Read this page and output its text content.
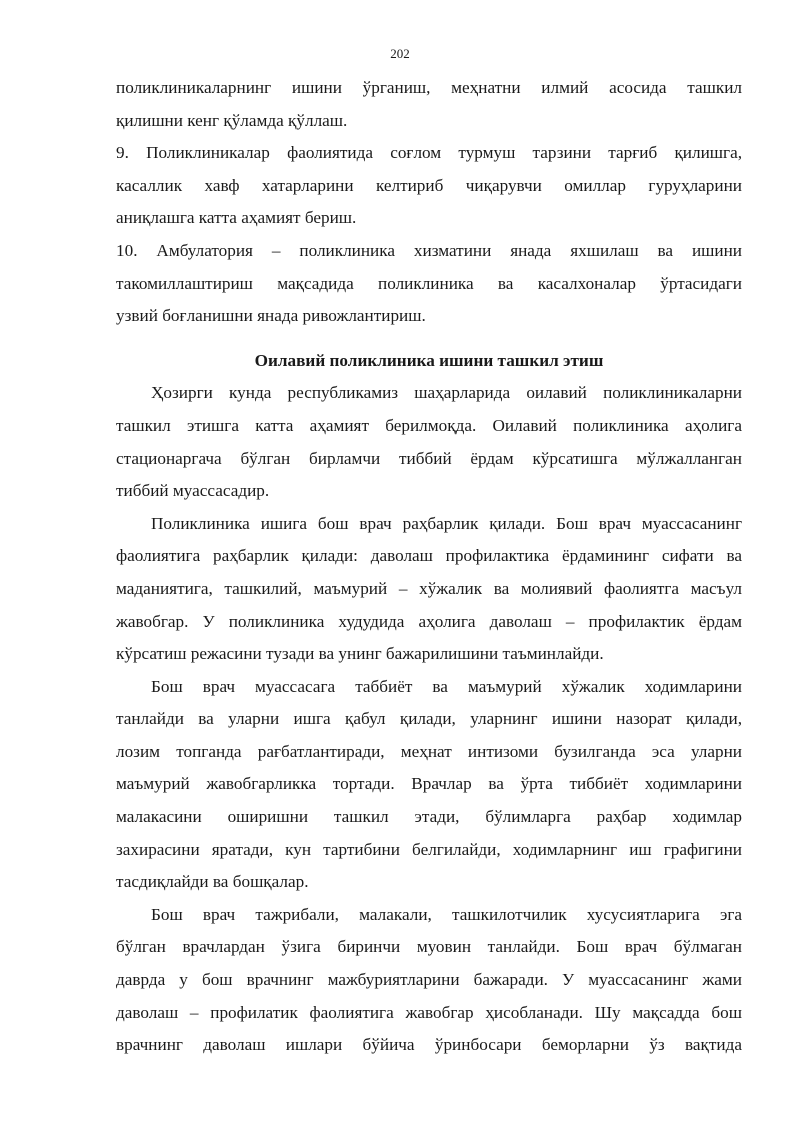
202
поликлиникаларнинг ишини ўрганиш, меҳнатни илмий асосида ташкил
қилишни кенг қўламда қўллаш.
9. Поликлиникалар фаолиятида соғлом турмуш тарзини тарғиб қилишга,
касаллик хавф хатарларини келтириб чиқарувчи омиллар гуруҳларини
аниқлашга катта аҳамият бериш.
10. Амбулатория – поликлиника хизматини янада яхшилаш ва ишини
такомиллаштириш мақсадида поликлиника ва касалхоналар ўртасидаги
узвий боғланишни янада ривожлантириш.
Оилавий поликлиника ишини ташкил этиш
Ҳозирги кунда республикамиз шаҳарларида оилавий поликлиникаларни
ташкил этишга катта аҳамият берилмоқда. Оилавий поликлиника аҳолига
стационаргача бўлган бирламчи тиббий ёрдам кўрсатишга мўлжалланган
тиббий муассасадир.
Поликлиника ишига бош врач раҳбарлик қилади. Бош врач муассасанинг
фаолиятига раҳбарлик қилади: даволаш профилактика ёрдамининг сифати ва
маданиятига, ташкилий, маъмурий – хўжалик ва молиявий фаолиятга масъул
жавобгар. У поликлиника худудида аҳолига даволаш – профилактик ёрдам
кўрсатиш режасини тузади ва унинг бажарилишини таъминлайди.
Бош врач муассасага таббиёт ва маъмурий хўжалик ходимларини
танлайди ва уларни ишга қабул қилади, уларнинг ишини назорат қилади,
лозим топганда рағбатлантиради, меҳнат интизоми бузилганда эса уларни
маъмурий жавобгарликка тортади. Врачлар ва ўрта тиббиёт ходимларини
малакасини оширишни ташкил этади, бўлимларга раҳбар ходимлар
захирасини яратади, кун тартибини белгилайди, ходимларнинг иш графигини
тасдиқлайди ва бошқалар.
Бош врач тажрибали, малакали, ташкилотчилик хусусиятларига эга
бўлган врачлардан ўзига биринчи муовин танлайди. Бош врач бўлмаган
даврда у бош врачнинг мажбуриятларини бажаради. У муассасанинг жами
даволаш – профилатик фаолиятига жавобгар ҳисобланади. Шу мақсадда бош
врачнинг даволаш ишлари бўйича ўринбосари беморларни ўз вақтида
